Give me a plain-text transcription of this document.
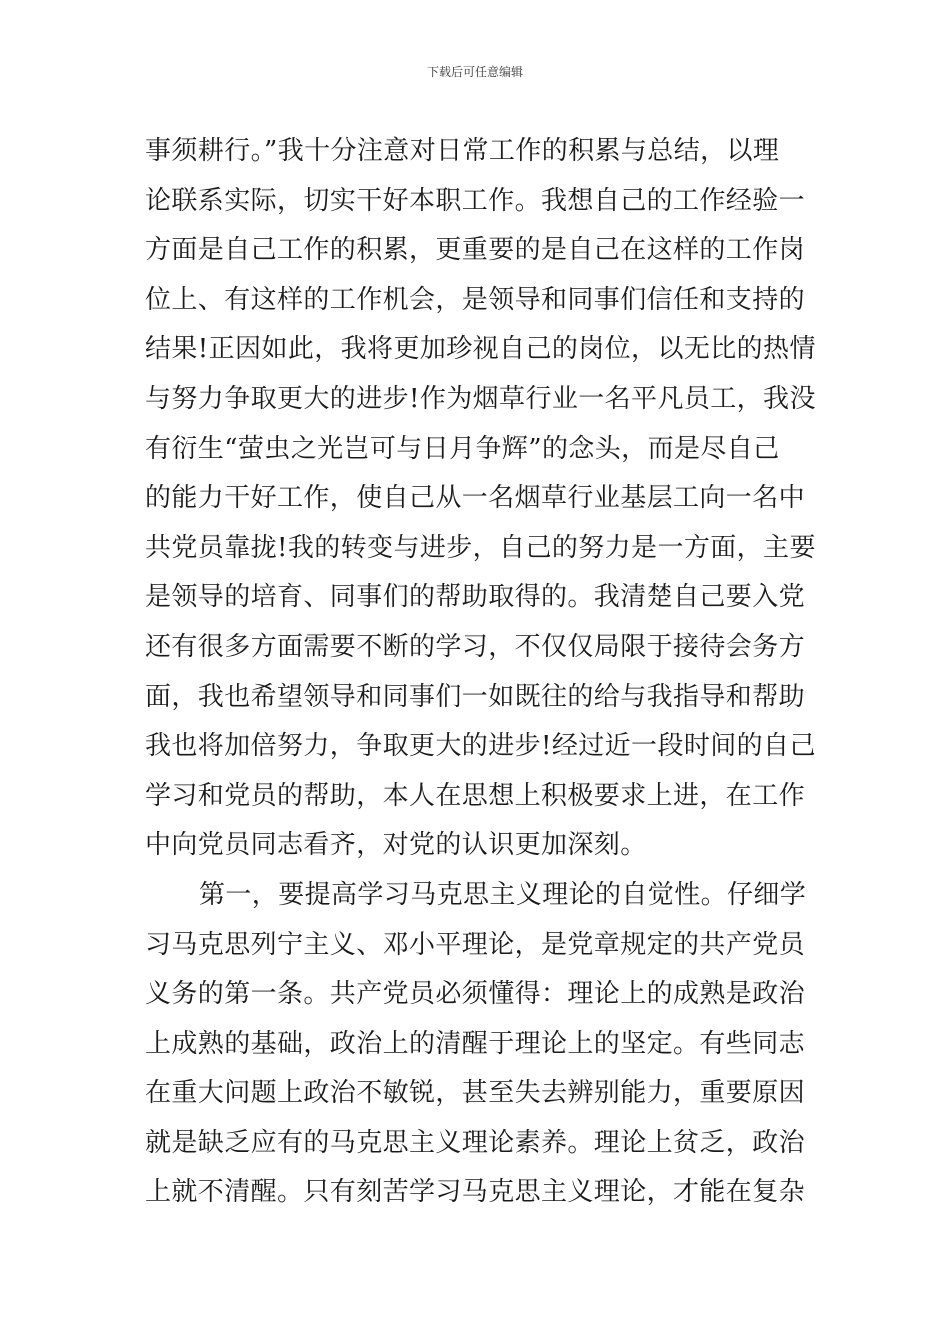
下载后可任意编辑
事须耕行。”我十分注意对日常工作的积累与总结，以理
论联系实际，切实干好本职工作。我想自己的工作经验一
方面是自己工作的积累，更重要的是自己在这样的工作岗
位上、有这样的工作机会，是领导和同事们信任和支持的
结果!正因如此，我将更加珍视自己的岗位，以无比的热情
与努力争取更大的进步!作为烟草行业一名平凡员工，我没
有衍生“萤虫之光岂可与日月争辉”的念头，而是尽自己
的能力干好工作，使自己从一名烟草行业基层工向一名中
共党员靠拢!我的转变与进步，自己的努力是一方面，主要
是领导的培育、同事们的帮助取得的。我清楚自己要入党
还有很多方面需要不断的学习，不仅仅局限于接待会务方
面，我也希望领导和同事们一如既往的给与我指导和帮助
我也将加倍努力，争取更大的进步!经过近一段时间的自己
学习和党员的帮助，本人在思想上积极要求上进，在工作
中向党员同志看齐，对党的认识更加深刻。
第一，要提高学习马克思主义理论的自觉性。仔细学
习马克思列宁主义、邓小平理论，是党章规定的共产党员
义务的第一条。共产党员必须懂得：理论上的成熟是政治
上成熟的基础，政治上的清醒于理论上的坚定。有些同志
在重大问题上政治不敏锐，甚至失去辨别能力，重要原因
就是缺乏应有的马克思主义理论素养。理论上贫乏，政治
上就不清醒。只有刻苦学习马克思主义理论，才能在复杂
